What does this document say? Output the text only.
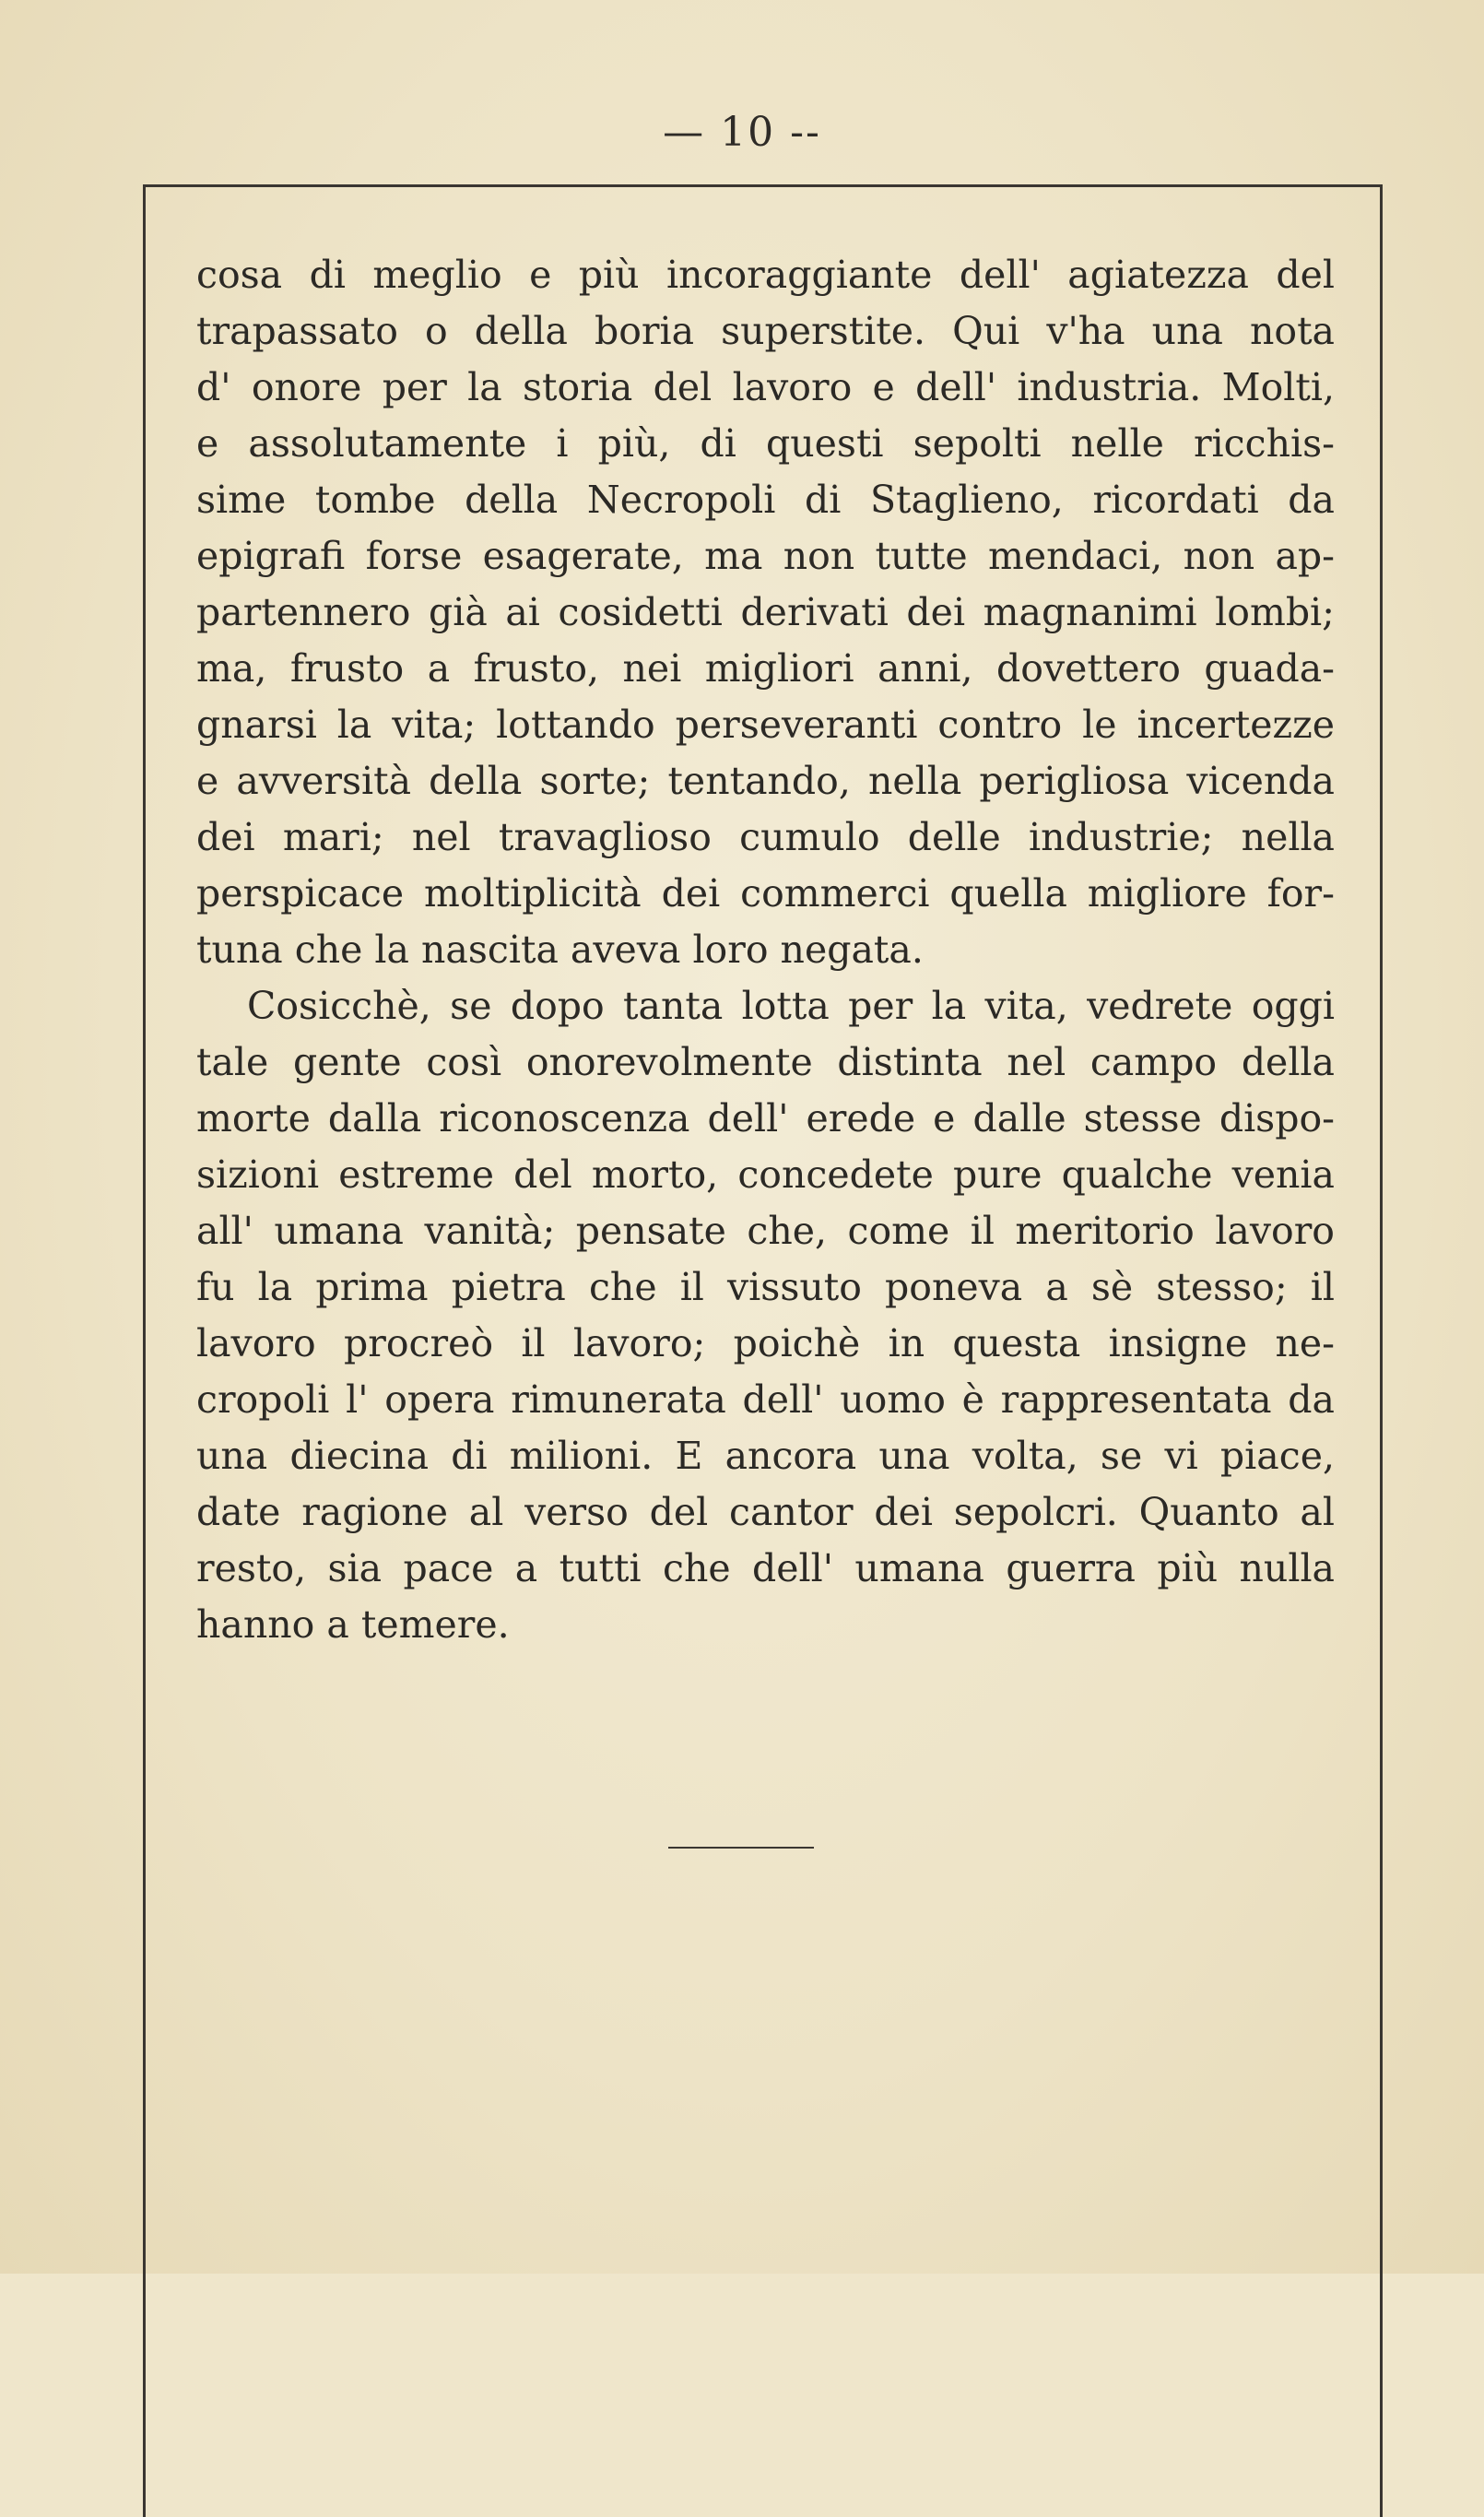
— 10 --
cosa di meglio e più incoraggiante dell' agiatezza del
trapassato o della boria superstite. Qui v'ha una nota
d' onore per la storia del lavoro e dell' industria. Molti,
e assolutamente i più, di questi sepolti nelle ricchis-
sime tombe della Necropoli di Staglieno, ricordati da
epigrafi forse esagerate, ma non tutte mendaci, non ap-
partennero già ai cosidetti derivati dei magnanimi lombi;
ma, frusto a frusto, nei migliori anni, dovettero guada-
gnarsi la vita; lottando perseveranti contro le incertezze
e avversità della sorte; tentando, nella perigliosa vicenda
dei mari; nel travaglioso cumulo delle industrie; nella
perspicace moltiplicità dei commerci quella migliore for-
tuna che la nascita aveva loro negata.
Cosicchè, se dopo tanta lotta per la vita, vedrete oggi
tale gente così onorevolmente distinta nel campo della
morte dalla riconoscenza dell' erede e dalle stesse dispo-
sizioni estreme del morto, concedete pure qualche venia
all' umana vanità; pensate che, come il meritorio lavoro
fu la prima pietra che il vissuto poneva a sè stesso; il
lavoro procreò il lavoro; poichè in questa insigne ne-
cropoli l' opera rimunerata dell' uomo è rappresentata da
una diecina di milioni. E ancora una volta, se vi piace,
date ragione al verso del cantor dei sepolcri. Quanto al
resto, sia pace a tutti che dell' umana guerra più nulla
hanno a temere.
